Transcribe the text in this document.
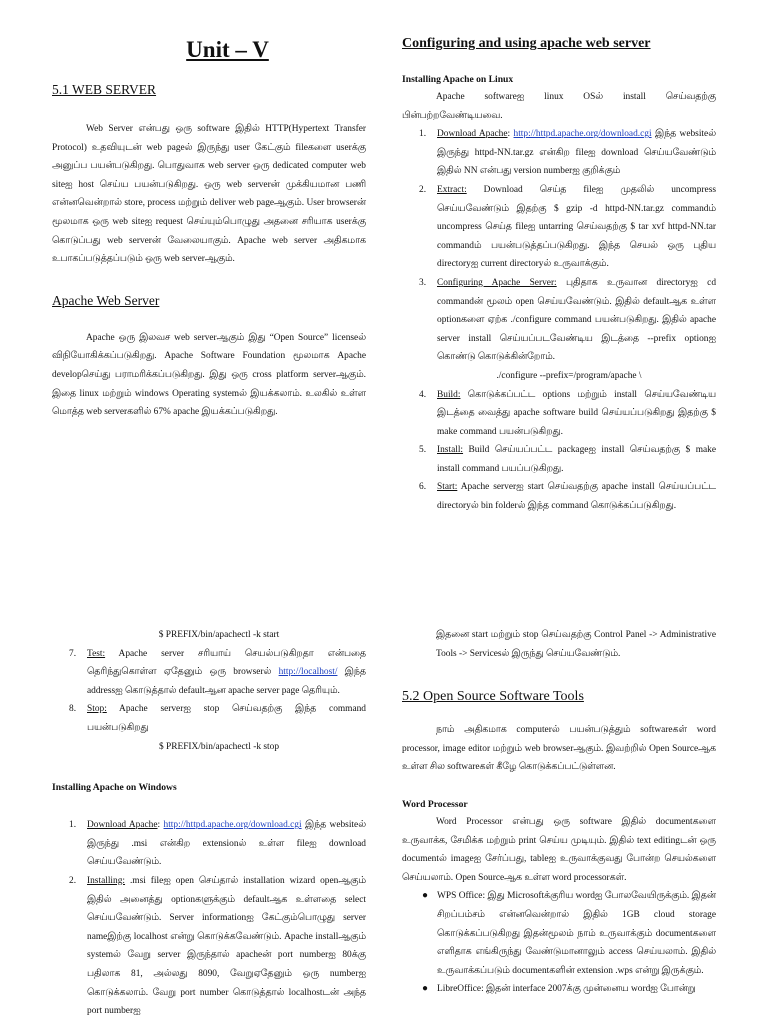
Unit – V
5.1 WEB SERVER

Web Server என்பது ஒரு software இதில் HTTP(Hypertext Transfer Protocol) உதவியுடன் web pageல் இருந்து user கேட்கும் fileகளை userக்கு அனுப்ப பயன்படுகிறது. பொதுவாக web server ஒரு dedicated computer web siteஐ host செய்ய பயன்படுகிறது. ஒரு web serverன் முக்கியமான பணி என்னவென்றால் store, process மற்றும் deliver web pageஆகும். User browserன் மூலமாக ஒரு web siteஐ request செய்யும்பொழுது அதனை சரியாக userக்கு கொடுப்பது web serverன் வேலையாகும். Apache web server அதிகமாக உபாகப்படுத்தப்படும் ஒரு web serverஆகும்.

Apache Web Server

Apache ஒரு இலவச web serverஆகும் இது “Open Source” licenseல் விநியோகிக்கப்படுகிறது. Apache Software Foundation மூலமாக Apache developசெய்து பராமரிக்கப்படுகிறது. இது ஒரு cross platform serverஆகும். இதை linux மற்றும் windows Operating systemல் இயக்கலாம். உலகில் உள்ள மொத்த web serverகளில் 67% apache இயக்கப்படுகிறது.

$ PREFIX/bin/apachectl -k start
7. Test: Apache server சரியாய் செயல்படுகிறதா என்பதை தெரிந்துகொள்ள ஏதேனும் ஒரு browserல் http://localhost/ இந்த addressஐ கொடுத்தால் defaultஆன apache server page தெரியும்.
8. Stop: Apache serverஐ stop செய்வதற்கு இந்த command பயன்படுகிறது
$ PREFIX/bin/apachectl -k stop
Installing Apache on Windows
1. Download Apache: http://httpd.apache.org/download.cgi இந்த websiteல் இருந்து .msi என்கிற extensionல் உள்ள fileஐ download செய்யவேண்டும்.
2. Installing: .msi fileஐ open செய்தால் installation wizard openஆகும் இதில் அனைத்து optionகளுக்கும் defaultஆக உள்ளதை select செய்யவேண்டும். Server informationஐ கேட்கும்பொழுது server nameஇற்கு localhost என்று கொடுக்கவேண்டும். Apache installஆகும் systemல் வேறு server இருந்தால் apacheன் port numberஐ 80க்கு பதிலாக 81, அல்லது 8090, வேறுஏதேனும் ஒரு numberஐ கொடுக்கலாம். வேறு port number கொடுத்தால் localhostடன் அந்த port numberஐ
Configuring and using apache web server
Installing Apache on Linux

Apache softwareஐ linux OSல் install செய்வதற்கு பின்பற்றவேண்டியவை.

1. Download Apache: http://httpd.apache.org/download.cgi இந்த websiteல் இருந்து httpd-NN.tar.gz என்கிற fileஐ download செய்யவேண்டும் இதில் NN என்பது version numberஐ குறிக்கும்
2. Extract: Download செய்த fileஐ முதலில் uncompress செய்யவேண்டும் இதற்கு $ gzip -d httpd-NN.tar.gz commandம் uncompress செய்த fileஐ untarring செய்வதற்கு $ tar xvf httpd-NN.tar commandம் பயன்படுத்தப்படுகிறது. இந்த செயல் ஒரு புதிய directoryஐ current directoryல் உருவாக்கும்.
3. Configuring Apache Server: புதிதாக உருவான directoryஐ cd commandன் மூலம் open செய்யவேண்டும். இதில் defaultஆக உள்ள optionகளை ஏற்க ./configure command பயன்படுகிறது. இதில் apache server install செய்யப்படவேண்டிய இடத்தை --prefix optionஐ கொண்டு கொடுக்கின்றோம்.
./configure --prefix=/program/apache \
4. Build: கொடுக்கப்பட்ட options மற்றும் install செய்யவேண்டிய இடத்தை வைத்து apache software build செய்யப்படுகிறது இதற்கு $ make command பயன்படுகிறது.
5. Install: Build செய்யப்பட்ட packageஐ install செய்வதற்கு $ make install command பயப்படுகிறது.
6. Start: Apache serverஐ start செய்வதற்கு apache install செய்யப்பட்ட directoryல் bin folderல் இந்த command கொடுக்கப்படுகிறது.

இதனை start மற்றும் stop செய்வதற்கு Control Panel -> Administrative Tools -> Servicesல் இருந்து செய்யவேண்டும்.

5.2 Open Source Software Tools

நாம் அதிகமாக computerல் பயன்படுத்தும் softwareகள் word processor, image editor மற்றும் web browserஆகும். இவற்றில் Open Sourceஆக உள்ள சில softwareகள் கீழே கொடுக்கப்பட்டுள்ளன.

Word Processor

Word Processor என்பது ஒரு software இதில் documentகளை உருவாக்க, சேமிக்க மற்றும் print செய்ய முடியும். இதில் text editingடன் ஒரு documentல் imageஐ சேர்ப்பது, tableஐ உருவாக்குவது போன்ற செயல்களை செய்யலாம். Open Sourceஆக உள்ள word processorகள்.

● WPS Office: இது Microsoftக்குரிய wordஐ போலவேயிருக்கும். இதன் சிறப்பம்சம் என்னவென்றால் இதில் 1GB cloud storage கொடுக்கப்படுகிறது இதன்மூலம் நாம் உருவாக்கும் documentகளை எளிதாக எங்கிருந்து வேண்டுமானாலும் access செய்யலாம். இதில் உருவாக்கப்படும் documentகளின் extension .wps என்று இருக்கும்.
● LibreOffice: இதன் interface 2007க்கு முன்னைய wordஐ போன்று
